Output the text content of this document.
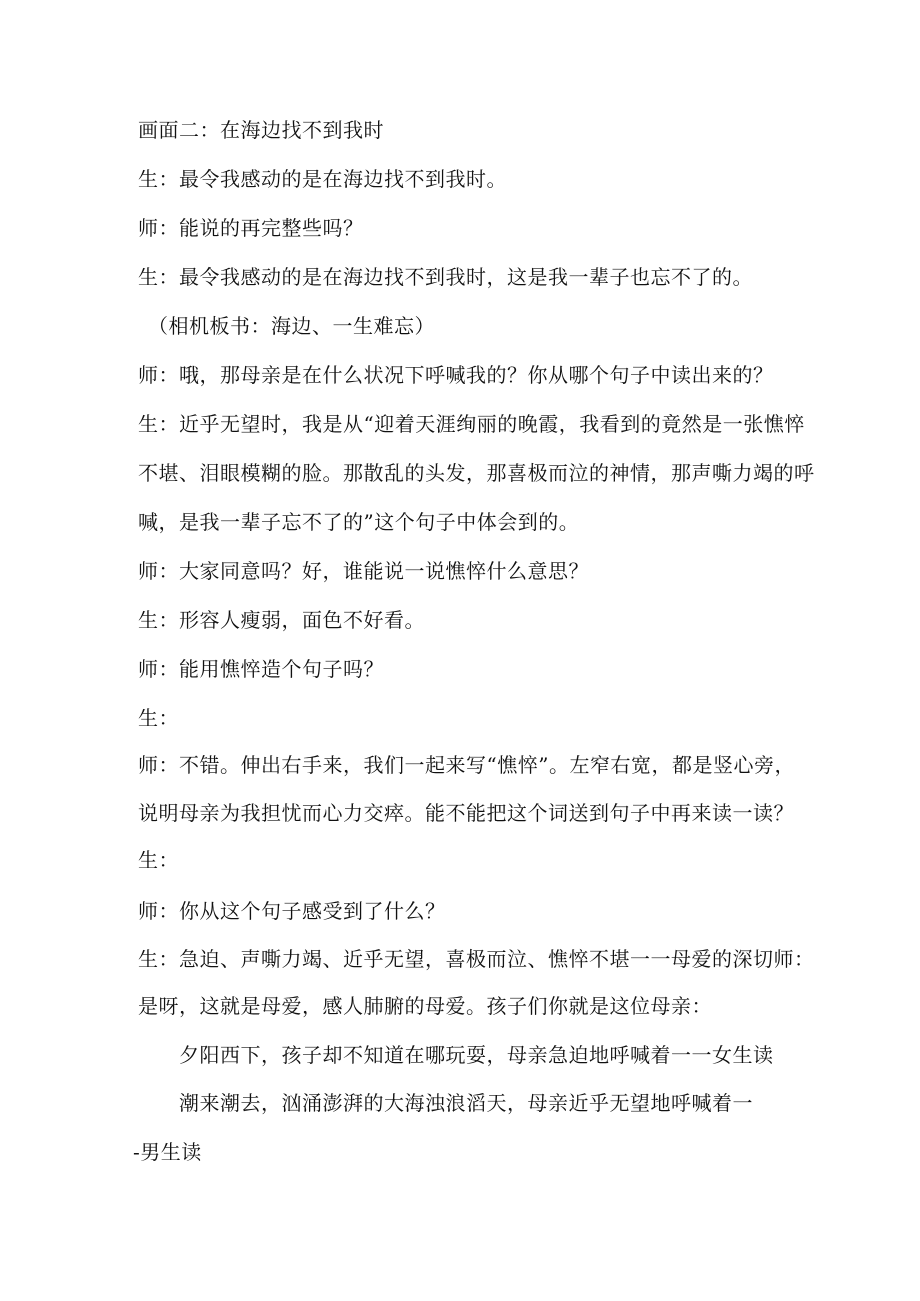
画面二：在海边找不到我时
生：最令我感动的是在海边找不到我时。
师：能说的再完整些吗？
生：最令我感动的是在海边找不到我时，这是我一辈子也忘不了的。
（相机板书：海边、一生难忘）
师：哦，那母亲是在什么状况下呼喊我的？你从哪个句子中读出来的？
生：近乎无望时，我是从“迎着天涯绚丽的晚霞，我看到的竟然是一张憔悴
不堪、泪眼模糊的脸。那散乱的头发，那喜极而泣的神情，那声嘶力竭的呼
喊，是我一辈子忘不了的”这个句子中体会到的。
师：大家同意吗？好，谁能说一说憔悴什么意思？
生：形容人瘦弱，面色不好看。
师：能用憔悴造个句子吗？
生：
师：不错。伸出右手来，我们一起来写“憔悴”。左窄右宽，都是竖心旁，
说明母亲为我担忧而心力交瘁。能不能把这个词送到句子中再来读一读？
生：
师：你从这个句子感受到了什么？
生：急迫、声嘶力竭、近乎无望，喜极而泣、憔悴不堪一一母爱的深切师：
是呀，这就是母爱，感人肺腑的母爱。孩子们你就是这位母亲：
夕阳西下，孩子却不知道在哪玩耍，母亲急迫地呼喊着一一女生读
潮来潮去，汹涌澎湃的大海浊浪滔天，母亲近乎无望地呼喊着一
-男生读
